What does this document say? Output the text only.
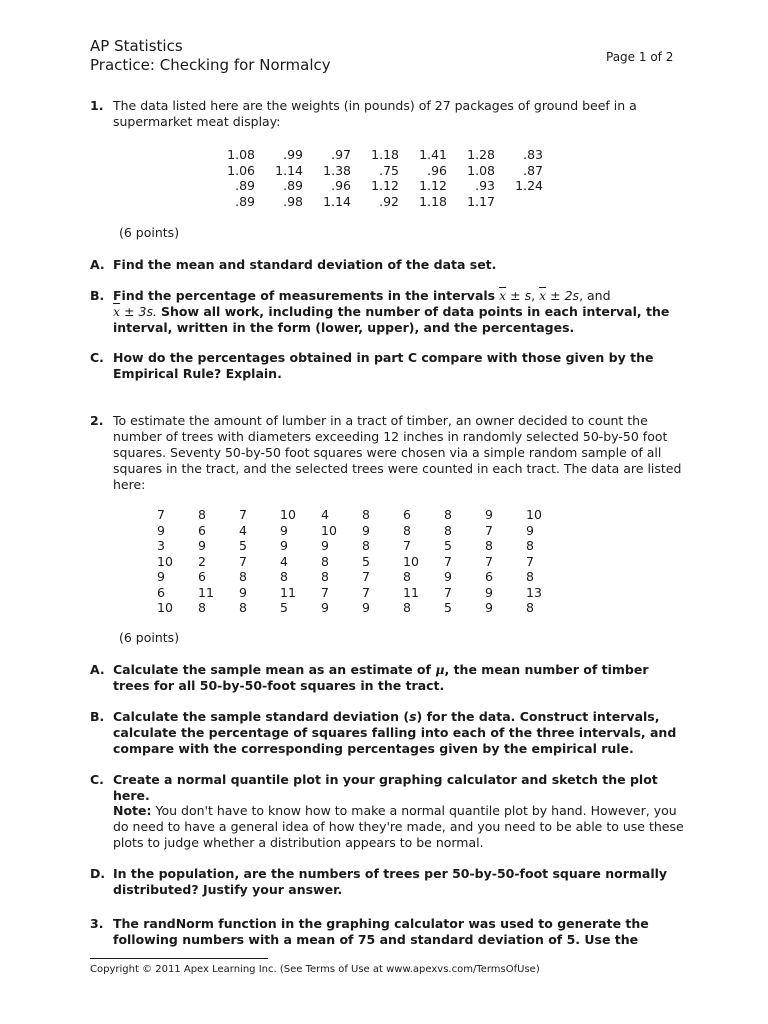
AP Statistics
Practice: Checking for Normalcy	Page 1 of 2
1. The data listed here are the weights (in pounds) of 27 packages of ground beef in a supermarket meat display:
1.08	.99	.97	1.18	1.41	1.28	.83
1.06	1.14	1.38	.75	.96	1.08	.87
.89	.89	.96	1.12	1.12	.93	1.24
.89	.98	1.14	.92	1.18	1.17	
(6 points)
A. Find the mean and standard deviation of the data set.
B. Find the percentage of measurements in the intervals $\overline{x} \pm s$, $\overline{x} \pm 2s$, and
$\overline{x} \pm 3s$. Show all work, including the number of data points in each interval, the interval, written in the form (lower, upper), and the percentages.
C. How do the percentages obtained in part C compare with those given by the Empirical Rule? Explain.
2. To estimate the amount of lumber in a tract of timber, an owner decided to count the number of trees with diameters exceeding 12 inches in randomly selected 50-by-50 foot squares. Seventy 50-by-50 foot squares were chosen via a simple random sample of all squares in the tract, and the selected trees were counted in each tract. The data are listed here:
7	8	7	10	4	8	6	8	9	10
9	6	4	9	10	9	8	8	7	9
3	9	5	9	9	8	7	5	8	8
10	2	7	4	8	5	10	7	7	7
9	6	8	8	8	7	8	9	6	8
6	11	9	11	7	7	11	7	9	13
10	8	8	5	9	9	8	5	9	8
(6 points)
A. Calculate the sample mean as an estimate of μ, the mean number of timber trees for all 50-by-50-foot squares in the tract.
B. Calculate the sample standard deviation (s) for the data. Construct intervals, calculate the percentage of squares falling into each of the three intervals, and compare with the corresponding percentages given by the empirical rule.
C. Create a normal quantile plot in your graphing calculator and sketch the plot here.
Note: You don't have to know how to make a normal quantile plot by hand. However, you do need to have a general idea of how they're made, and you need to be able to use these plots to judge whether a distribution appears to be normal.
D. In the population, are the numbers of trees per 50-by-50-foot square normally distributed? Justify your answer.
3. The randNorm function in the graphing calculator was used to generate the following numbers with a mean of 75 and standard deviation of 5. Use the
Copyright © 2011 Apex Learning Inc. (See Terms of Use at www.apexvs.com/TermsOfUse)
